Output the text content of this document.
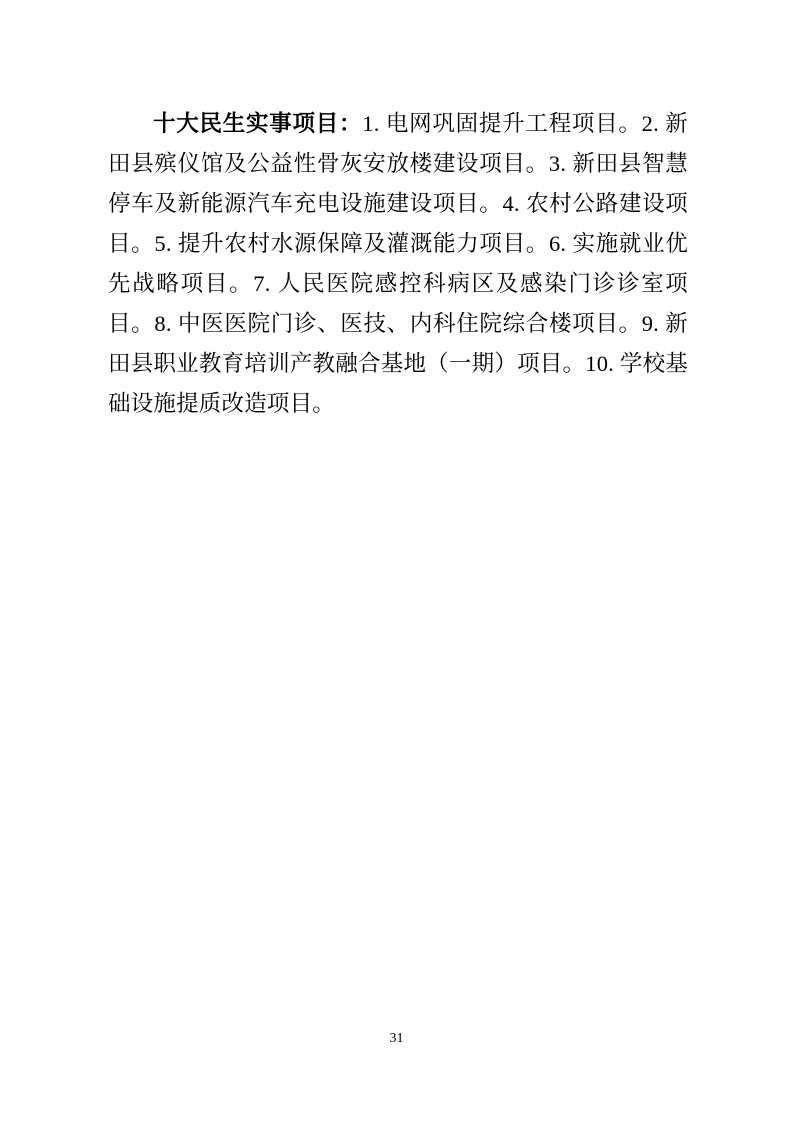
十大民生实事项目：1. 电网巩固提升工程项目。2. 新田县殡仪馆及公益性骨灰安放楼建设项目。3. 新田县智慧停车及新能源汽车充电设施建设项目。4. 农村公路建设项目。5. 提升农村水源保障及灌溉能力项目。6. 实施就业优先战略项目。7. 人民医院感控科病区及感染门诊诊室项目。8. 中医医院门诊、医技、内科住院综合楼项目。9. 新田县职业教育培训产教融合基地（一期）项目。10. 学校基础设施提质改造项目。

31
